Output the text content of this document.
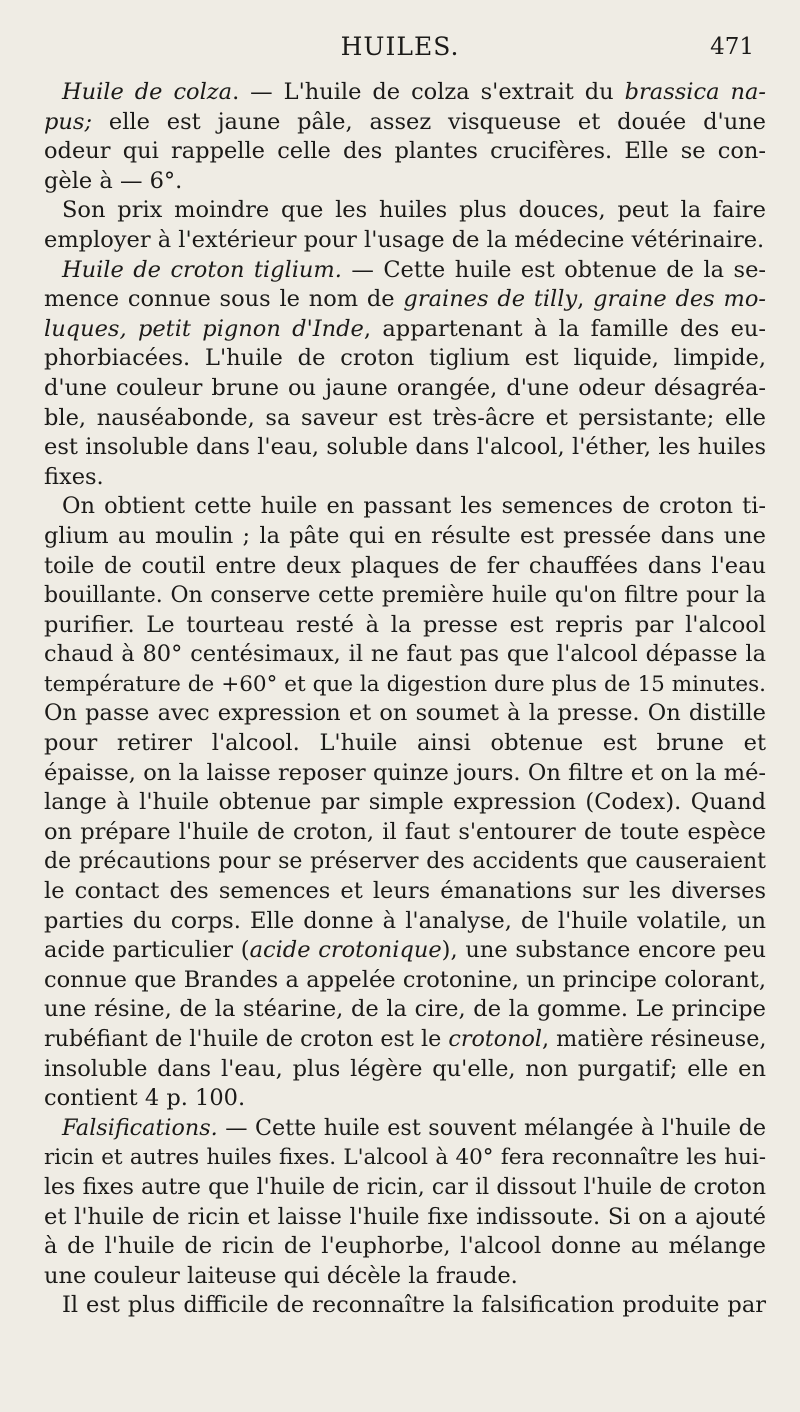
HUILES.	471
Huile de colza. — L'huile de colza s'extrait du brassica na-
pus; elle est jaune pâle, assez visqueuse et douée d'une
odeur qui rappelle celle des plantes crucifères. Elle se con-
gèle à — 6°.
Son prix moindre que les huiles plus douces, peut la faire
employer à l'extérieur pour l'usage de la médecine vétérinaire.
Huile de croton tiglium. — Cette huile est obtenue de la se-
mence connue sous le nom de graines de tilly, graine des mo-
luques, petit pignon d'Inde, appartenant à la famille des eu-
phorbiacées. L'huile de croton tiglium est liquide, limpide,
d'une couleur brune ou jaune orangée, d'une odeur désagréa-
ble, nauséabonde, sa saveur est très-âcre et persistante; elle
est insoluble dans l'eau, soluble dans l'alcool, l'éther, les huiles
fixes.
On obtient cette huile en passant les semences de croton ti-
glium au moulin ; la pâte qui en résulte est pressée dans une
toile de coutil entre deux plaques de fer chauffées dans l'eau
bouillante. On conserve cette première huile qu'on filtre pour la
purifier. Le tourteau resté à la presse est repris par l'alcool
chaud à 80° centésimaux, il ne faut pas que l'alcool dépasse la
température de +60° et que la digestion dure plus de 15 minutes.
On passe avec expression et on soumet à la presse. On distille
pour retirer l'alcool. L'huile ainsi obtenue est brune et
épaisse, on la laisse reposer quinze jours. On filtre et on la mé-
lange à l'huile obtenue par simple expression (Codex). Quand
on prépare l'huile de croton, il faut s'entourer de toute espèce
de précautions pour se préserver des accidents que causeraient
le contact des semences et leurs émanations sur les diverses
parties du corps. Elle donne à l'analyse, de l'huile volatile, un
acide particulier (acide crotonique), une substance encore peu
connue que Brandes a appelée crotonine, un principe colorant,
une résine, de la stéarine, de la cire, de la gomme. Le principe
rubéfiant de l'huile de croton est le crotonol, matière résineuse,
insoluble dans l'eau, plus légère qu'elle, non purgatif; elle en
contient 4 p. 100.
Falsifications. — Cette huile est souvent mélangée à l'huile de
ricin et autres huiles fixes. L'alcool à 40° fera reconnaître les hui-
les fixes autre que l'huile de ricin, car il dissout l'huile de croton
et l'huile de ricin et laisse l'huile fixe indissoute. Si on a ajouté
à de l'huile de ricin de l'euphorbe, l'alcool donne au mélange
une couleur laiteuse qui décèle la fraude.
Il est plus difficile de reconnaître la falsification produite par
